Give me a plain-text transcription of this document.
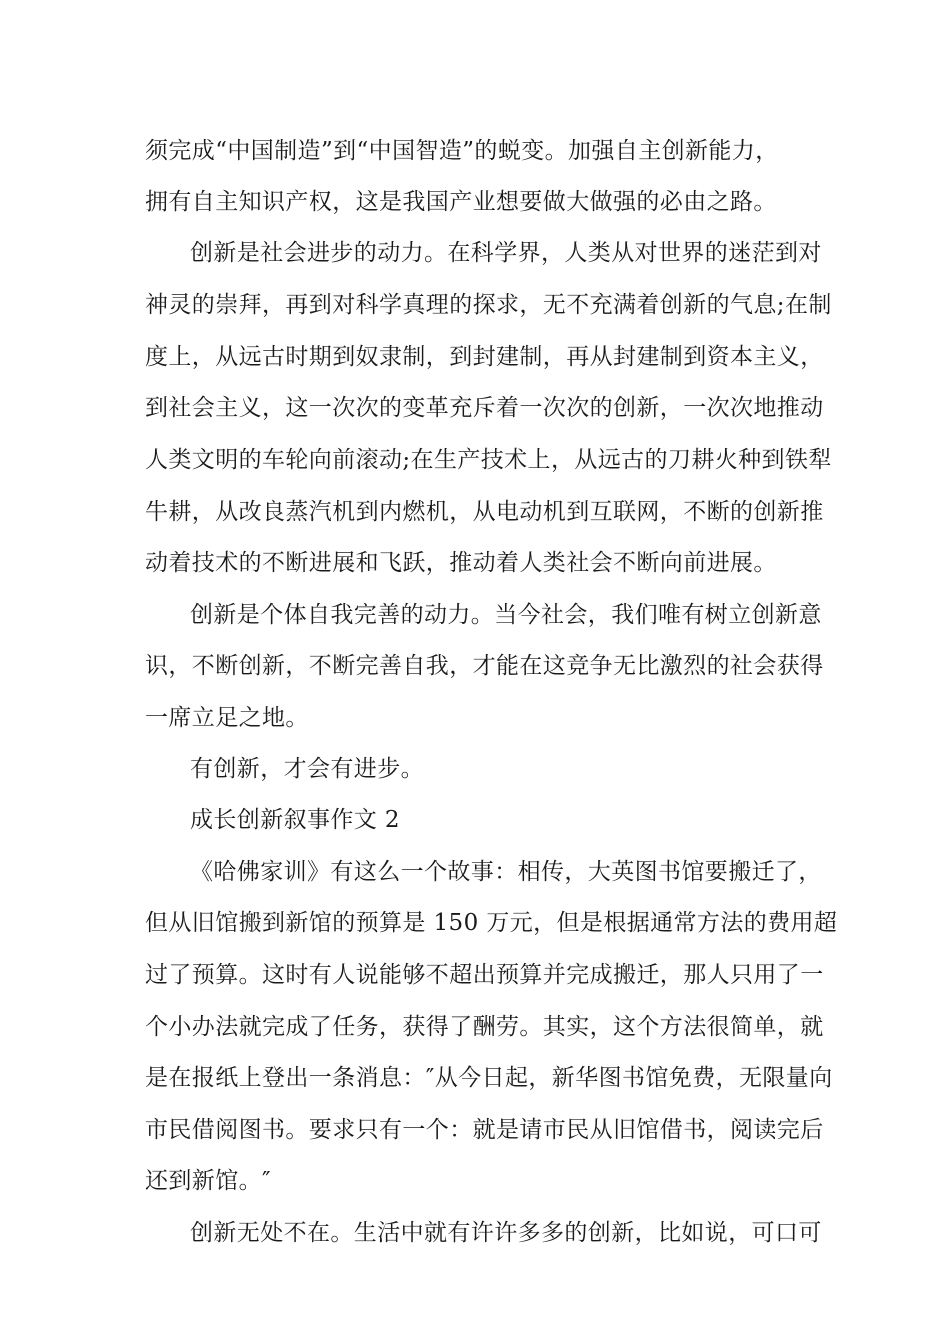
须完成“中国制造”到“中国智造”的蜕变。加强自主创新能力，
拥有自主知识产权，这是我国产业想要做大做强的必由之路。
创新是社会进步的动力。在科学界，人类从对世界的迷茫到对
神灵的崇拜，再到对科学真理的探求，无不充满着创新的气息;在制
度上，从远古时期到奴隶制，到封建制，再从封建制到资本主义，
到社会主义，这一次次的变革充斥着一次次的创新，一次次地推动
人类文明的车轮向前滚动;在生产技术上，从远古的刀耕火种到铁犁
牛耕，从改良蒸汽机到内燃机，从电动机到互联网，不断的创新推
动着技术的不断进展和飞跃，推动着人类社会不断向前进展。
创新是个体自我完善的动力。当今社会，我们唯有树立创新意
识，不断创新，不断完善自我，才能在这竞争无比激烈的社会获得
一席立足之地。
有创新，才会有进步。
成长创新叙事作文 2
《哈佛家训》有这么一个故事：相传，大英图书馆要搬迁了，
但从旧馆搬到新馆的预算是 150 万元，但是根据通常方法的费用超
过了预算。这时有人说能够不超出预算并完成搬迁，那人只用了一
个小办法就完成了任务，获得了酬劳。其实，这个方法很简单，就
是在报纸上登出一条消息：″从今日起，新华图书馆免费，无限量向
市民借阅图书。要求只有一个：就是请市民从旧馆借书，阅读完后
还到新馆。″
创新无处不在。生活中就有许许多多的创新，比如说，可口可
